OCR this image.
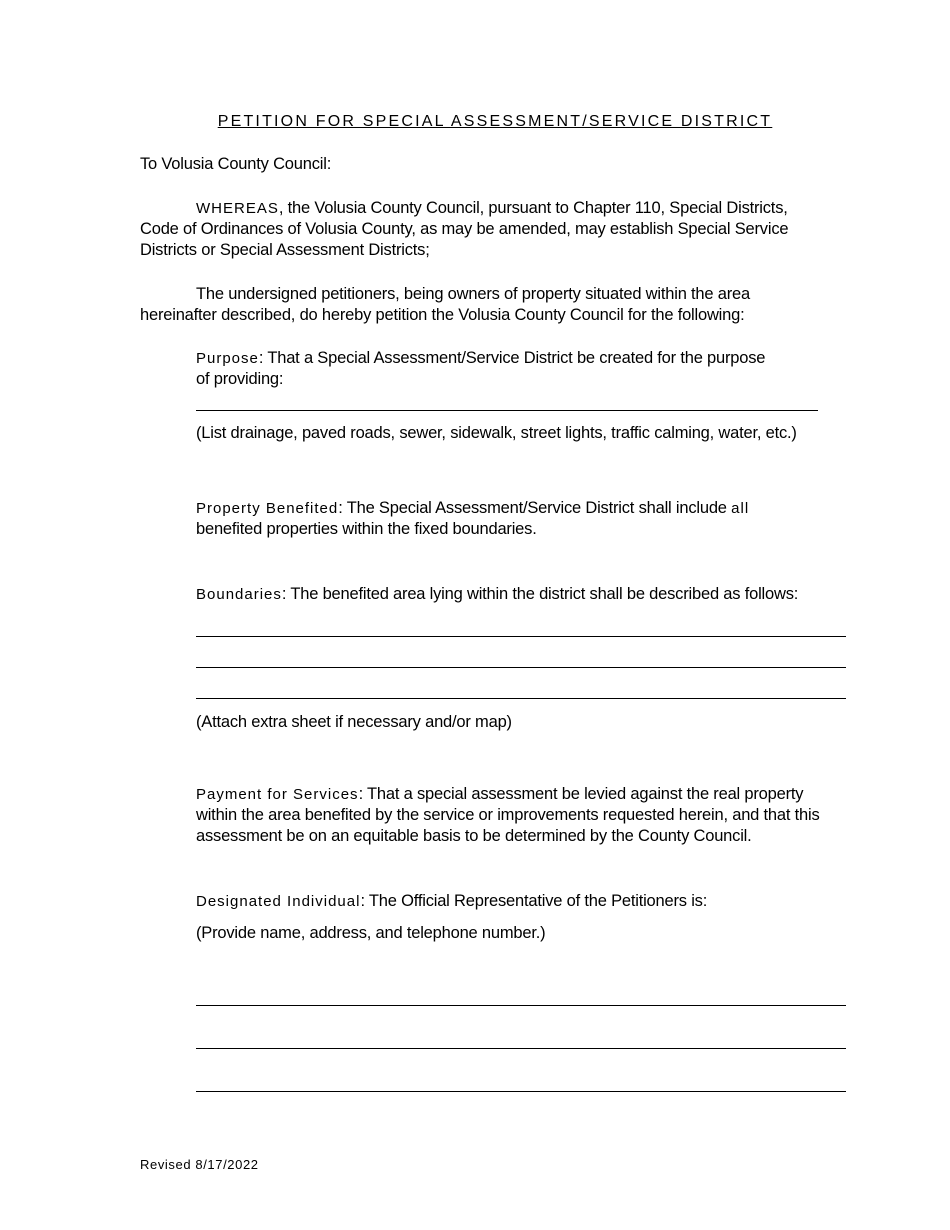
PETITION FOR SPECIAL ASSESSMENT/SERVICE DISTRICT
To Volusia County Council:
WHEREAS, the Volusia County Council, pursuant to Chapter 110, Special Districts,
Code of Ordinances of Volusia County, as may be amended, may establish Special Service
Districts or Special Assessment Districts;
The undersigned petitioners, being owners of property situated within the area
hereinafter described, do hereby petition the Volusia County Council for the following:
Purpose: That a Special Assessment/Service District be created for the purpose
of providing:
(List drainage, paved roads, sewer, sidewalk, street lights, traffic calming, water, etc.)
Property Benefited: The Special Assessment/Service District shall include all
benefited properties within the fixed boundaries.
Boundaries: The benefited area lying within the district shall be described as follows:
(Attach extra sheet if necessary and/or map)
Payment for Services: That a special assessment be levied against the real property
within the area benefited by the service or improvements requested herein, and that this
assessment be on an equitable basis to be determined by the County Council.
Designated Individual: The Official Representative of the Petitioners is:
(Provide name, address, and telephone number.)
Revised 8/17/2022
